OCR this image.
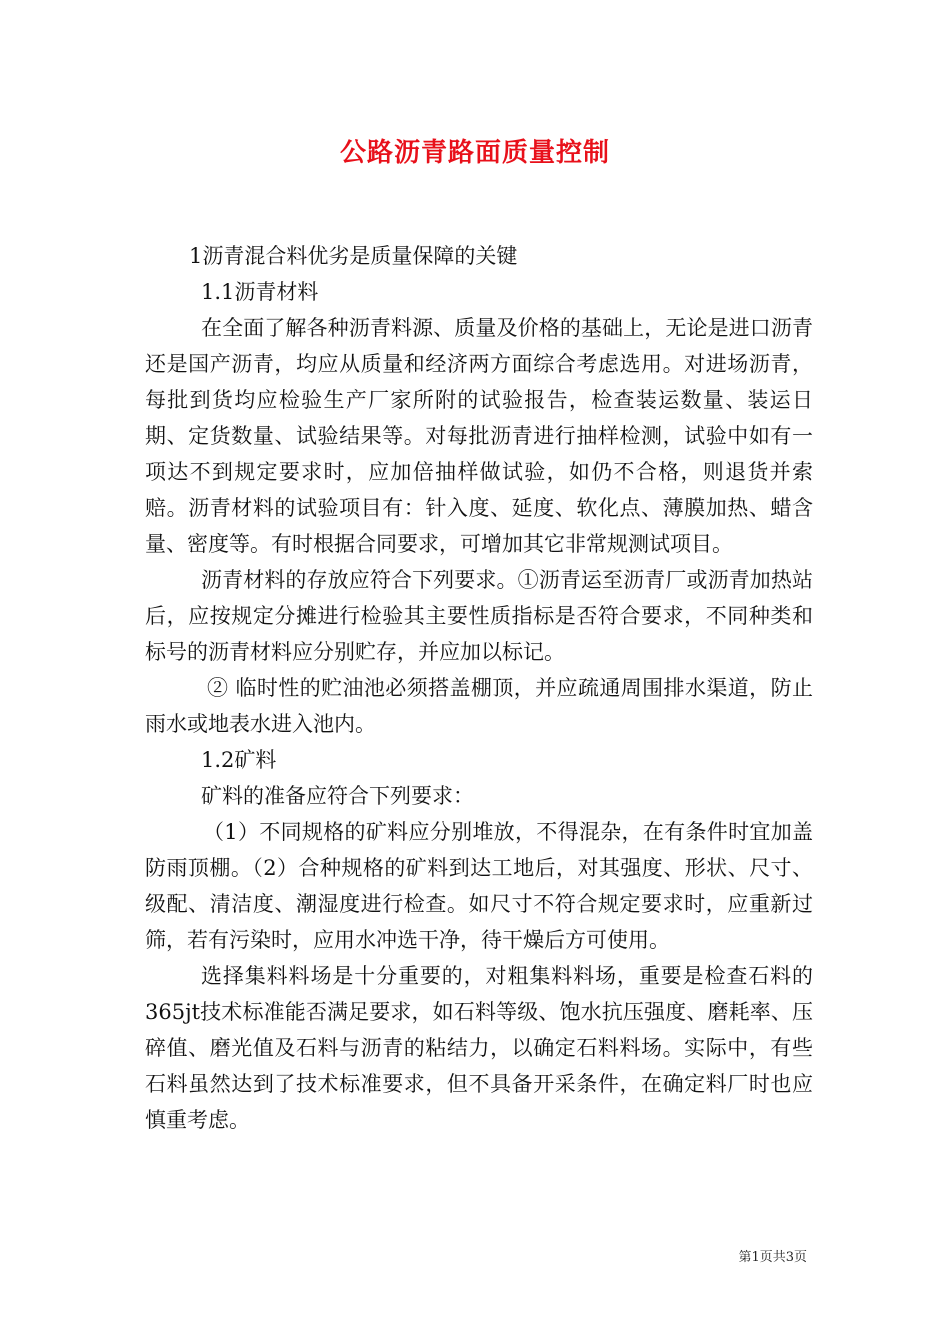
公路沥青路面质量控制

1沥青混合料优劣是质量保障的关键

1.1沥青材料

在全面了解各种沥青料源、质量及价格的基础上，无论是进口沥青还是国产沥青，均应从质量和经济两方面综合考虑选用。对进场沥青，每批到货均应检验生产厂家所附的试验报告，检查装运数量、装运日期、定货数量、试验结果等。对每批沥青进行抽样检测，试验中如有一项达不到规定要求时，应加倍抽样做试验，如仍不合格，则退货并索赔。沥青材料的试验项目有：针入度、延度、软化点、薄膜加热、蜡含量、密度等。有时根据合同要求，可增加其它非常规测试项目。

沥青材料的存放应符合下列要求。①沥青运至沥青厂或沥青加热站后，应按规定分摊进行检验其主要性质指标是否符合要求，不同种类和标号的沥青材料应分别贮存，并应加以标记。

② 临时性的贮油池必须搭盖棚顶，并应疏通周围排水渠道，防止雨水或地表水进入池内。

1.2矿料

矿料的准备应符合下列要求：

（1）不同规格的矿料应分别堆放，不得混杂，在有条件时宜加盖防雨顶棚。（2）合种规格的矿料到达工地后，对其强度、形状、尺寸、级配、清洁度、潮湿度进行检查。如尺寸不符合规定要求时，应重新过筛，若有污染时，应用水冲选干净，待干燥后方可使用。

选择集料料场是十分重要的，对粗集料料场，重要是检查石料的365jt技术标准能否满足要求，如石料等级、饱水抗压强度、磨耗率、压碎值、磨光值及石料与沥青的粘结力，以确定石料料场。实际中，有些石料虽然达到了技术标准要求，但不具备开采条件，在确定料厂时也应慎重考虑。

第1页共3页
